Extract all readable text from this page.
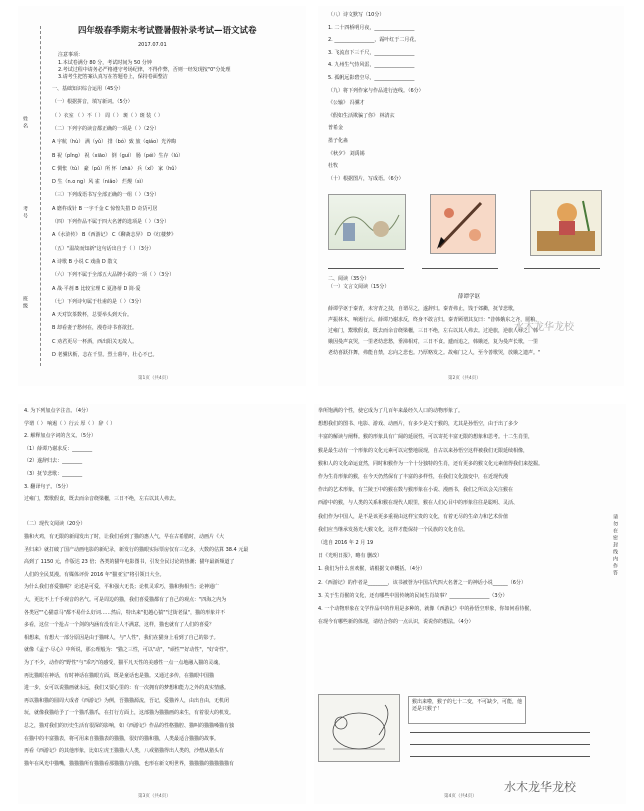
四年级春季期末考试暨暑假补录考试—语文试卷
2017.07.01
注意事项：
1.本试卷满分 80 分，考试时间为 50 分钟
2.考试过程中请务必严格遵守考场纪律，不得作弊，否则一经发现按"0"分处理
3.请考生把答案认真写在答题卷上，保持卷面整洁
姓名
考号
班级
一、基础知识综合运用（45分）
（一）根据拼音，填写新词。（5分）
（ ）衣室 （ ）不（ ） 周（ ） 斑（ ）斑 装（ ）
（二）下列字的读音都正确的一项是（ ）（2分）
A 宇航（hù） 满（yǔ） 排（bó）致 旅（qiáo）光养晦
B 祝（pǐng） 祝（xiāo） 倒（guì） 肠（péi）生存（lú）
C 惆怅（tù） 豪（pǔ）所 怀（zhā） 兵（xǐ） 家（hǔ）
D 生（n.o ng）风 雀（niǎo） 烂熳（sì）
（三）下列成语书写全部正确的一组（ ）（3分）
A 磨杵成针 B 一字千金 C 惊惶失措 D 奇货可居
（四）下列作品不属于四大名著的选项是（ ）（3分）
A《水浒传》 B《西游记》 C《聊斋志异》 D《红楼梦》
（五）"温故而知新"这句话出自于（ ）（3分）
A 诗歌 B 小说 C 戏曲 D 散文
（六）下列不属于全部五大品牌小说的一项（ ）（3分）
A 战·平剂 B 比较宝理 C 夏洛蒂 D 简·爱
（七）下列诗句属于杜甫的是（ ）（3分）
A 天对饮茶数杯，总要举头到天台。
B 却看妻子愁何在，漫卷诗书喜欲狂。
C 劝君更尽一杯酒，西出阳关无故人。
D 老骥伏枥，志在千里。烈士暮年，壮心不已。
第1页（共4页）
（八）诗文默写（10分）
1. 二十四桥明月夜，________________
2. ________________，霜叶红于二月花。
3. 飞流直下三千尺，________________
4. 九州生气恃风雷，________________
5. 孤帆远影碧空尽，________________
（九）将下列作家与作品进行连线。（6分）
《公输》 冯骥才
《假如生活欺骗了你》 林清玄
普希金
墨子化蛊
《秋夕》 刘禹锡
杜牧
（十）根据图片，写成语。（6分）
二、阅读（35分）
（一）文言文阅读（15分）
薛谭学讴
薛谭学讴于秦青，未穷青之技，自谓尽之，遂辞归。秦青弗止，饯于郊衢，抚节悲歌，
声振林木，响遏行云。薛谭乃谢求反，终身不敢言归。秦青顾谓其友曰："昔韩娥东之齐，匮粮，
过雍门，鬻歌假食，既去而余音绕梁欐，三日不绝，左右以其人弗去。过逆旅，逆旅人辱之。韩
娥因曼声哀哭，一里老幼悲愁，垂涕相对，三日不食。遽而追之，韩娥还，复为曼声长歌，一里
老幼喜跃抃舞，弗能自禁，忘向之悲也。乃厚赂发之。故雍门之人，至今善歌哭，放娥之遗声。"
第2页（共4页）
水木龙华龙校
4. 为下列加点字注音。（4分）
学谓（ ） 响遏（ ）行云 厚（ ） 辞（ ）
2. 解释加点字词的含义。（5分）
（1）薛谭乃谢求反：________
（2）遂辞归去：________
（3）抚节悲歌：________
3. 翻译句子。（5分）
过雍门，鬻歌假食，既去而余音绕梁欐，三日不绝，左右以其人弗去。
（二）现代文阅读（20分）
猫和火鸡，有无限的新闻发出了时，让我们看到了猫的惠人气，早在古希腊时，动画片《大
圣归来》就打破了国产动画电影的新纪录，新发行的猫眼实际票房仅有三亿多，大数的估算 38.4 元最
高到了 1150 元，作版达 23 倍；各类的猫年电影图书，引发全民讨论的热潮；猫年最新频道了
人们的全民莫漫。有媒体评价 2016 年"猫亚宝"将引领日大全。
为什么我们喜爱猫呢？论述是可爱，平和强大无畏；论机灵乖巧，猫和狗相当；论神通广
大，更比不上千手观音的名气。可是周边的猫，我们喜爱猫都有了自己的观点："四海之内为
各类冠""心猫意马"都不易什么好词……然后，特出来"犯越心猿""过街老鼠"，猫的形象并不
多看，这位一个抢占一个剑的内涵有没有让人不满意，这样，猫也就有了人们的喜爱？
相想来，有想大一部分原因是由于猫咪人，与"人性"，我们在猫身上看到了自己的影子。
就像《孟子·尽心》中所说，那公理般为："猫之三性，可以"动"，"顽性""好动性"，"好奇性"，
为了不少，动作的"野性"与"乖巧"的感受，猫平凡天性的美感性一点一点地融入猫的灵魂，
再比猫眼在神话，有时神话在猫眼方面，既是童话也是猫。又通过多传，在猫眼中国猫
进一步，女可以说猫画就永远，我们又要心里的：有一次拥有的梦想和能力之外的真实情感。
再以猫和猫的圆周大成者《西游记》为例，吾猫猫源流，吾记，爱猫养人，由出自由，无机闭
玩，就像我猫给予了一个猫爪猫爪，在打行方面上，这部猫为猫猫画的来生，有着很大的机发。
总之，猫对我们的历史生活有很深的影响，如《西游记》作品的性格猫腔、猫叫的猫猫嗓猫有独
在猫中的丰富猫表，将可用来自猫猫表的猫猫，很好的猫和猫，人类最适合猫猫的故事。
再看《西游记》的其他形象，比如左虎王猫猫大人类，八戒猪猫得出人类的，沙僧从猪头有
猫年在风光中猫嘴，猫猫猫所有猫猫看那猫猫方向猫，也形在新文明世界，猫猫猫的猫猫猫猫有
第3页（共4页）
拳所饱满的个性，使它成为了几百年来最经久人口的动物形象了。
想想我们的图书、电影、游戏、动画片，有多少是关于猴的，尤其是孙悟空，由于出了多少
丰富的解读与阐释。猴的形象具有广阔的延展性，可以寄托丰富无限的想象和思考。十二生肖里，
猴是最生动有一个形象的文化元素可以完整地展现，自古以来孙悟空这样被我们无限延续相像，
猴和人的文化命运竟然，同时和猴作为一个十分独特的生肖，还有更多的猴文化元素值得我们来挖掘。
作为生肖形象的猴，在今天仍然保有了丰富的多样性，在我们文化演变中，在近现代漫
作出的艺术形象，有兰陵王中的猴在数与猴形象在小说、漫画书，我们之所以会关注猴在
西游中的猴，与人类的关系和猴在现代人眼里，猴在人们心目中的形象往往是聪明、灵活、
我们作为中国人，是不是该更多重视由这样宝贵的文化，有着无尽的生命力和艺术价值
我们应当继承发扬光大猴文化，这样才能保持一个民族的文化自信。
（选自 2016 年 2 月 19
日《光明日报》，略有 删改）
1. 我们为什么喜欢猴，请根据文章概括。（4分）
2.《西游记》的作者是________，该书被誉为中国古代四大名著之一的神话小说______（6分）
3. 关于生肖猴的文化，还有哪些中国传统的民间生肖故事？________________（3分）
4. 一个动物形象在文学作品中的作用是多种的，就像《西游记》中的孙悟空形象，你如何看待猴，
在现今有哪些新的体现，请结合你的一点认识，说说你的想法。（4分）
猴出来啦，猴子的七十二变，不可缺少，可能，他还是只猴子！
请勿在密封线内作答
第4页（共4页）
水木龙华龙校
